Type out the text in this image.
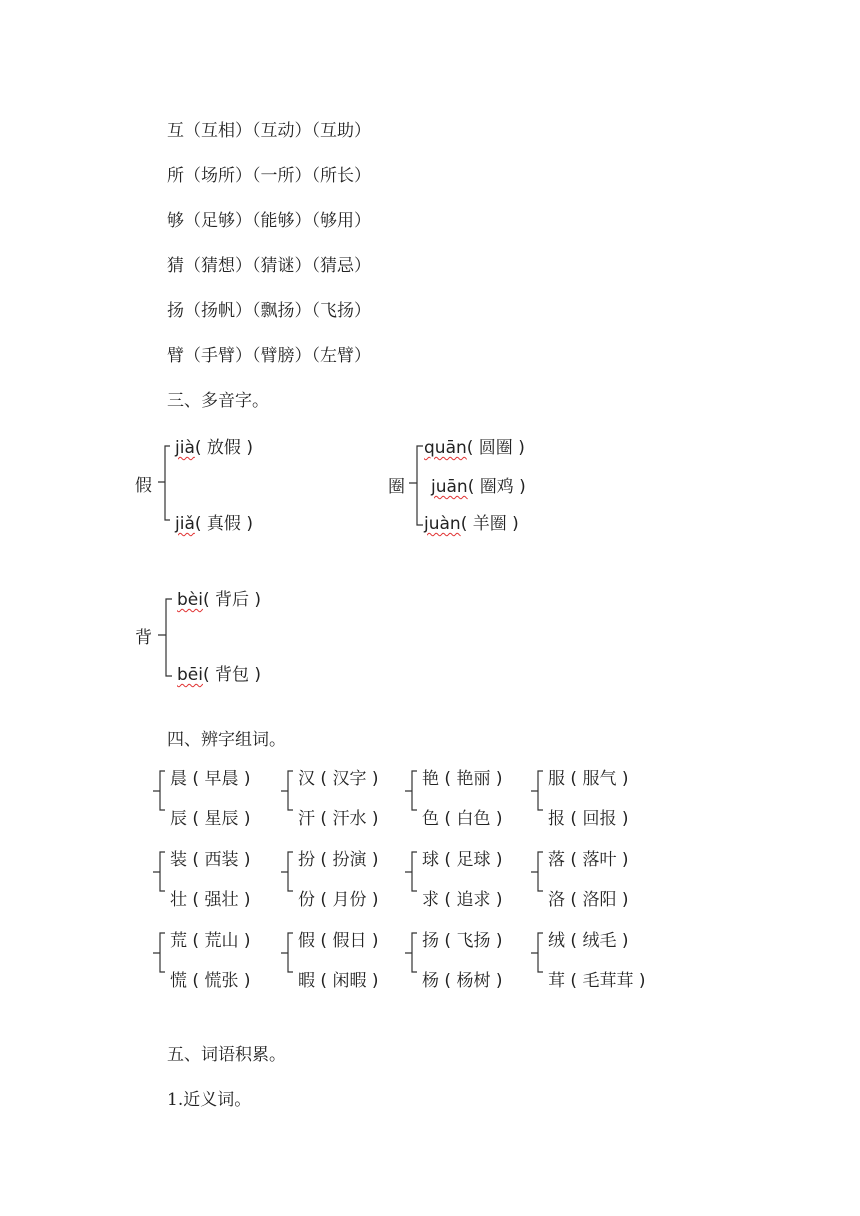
互（互相）（互动）（互助）
所（场所）（一所）（所长）
够（足够）（能够）（够用）
猜（猜想）（猜谜）（猜忌）
扬（扬帆）（飘扬）（飞扬）
臂（手臂）（臂膀）（左臂）
三、多音字。
假
jià( 放假 )
jiǎ( 真假 )
圈
quān( 圆圈 )
juān( 圈鸡 )
juàn( 羊圈 )
背
bèi( 背后 )
bēi( 背包 )
四、辨字组词。
晨 ( 早晨 )
辰 ( 星辰 )
汉 ( 汉字 )
汗 ( 汗水 )
艳 ( 艳丽 )
色 ( 白色 )
服 ( 服气 )
报 ( 回报 )
装 ( 西装 )
壮 ( 强壮 )
扮 ( 扮演 )
份 ( 月份 )
球 ( 足球 )
求 ( 追求 )
落 ( 落叶 )
洛 ( 洛阳 )
荒 ( 荒山 )
慌 ( 慌张 )
假 ( 假日 )
暇 ( 闲暇 )
扬 ( 飞扬 )
杨 ( 杨树 )
绒 ( 绒毛 )
茸 ( 毛茸茸 )
五、词语积累。
1.近义词。
